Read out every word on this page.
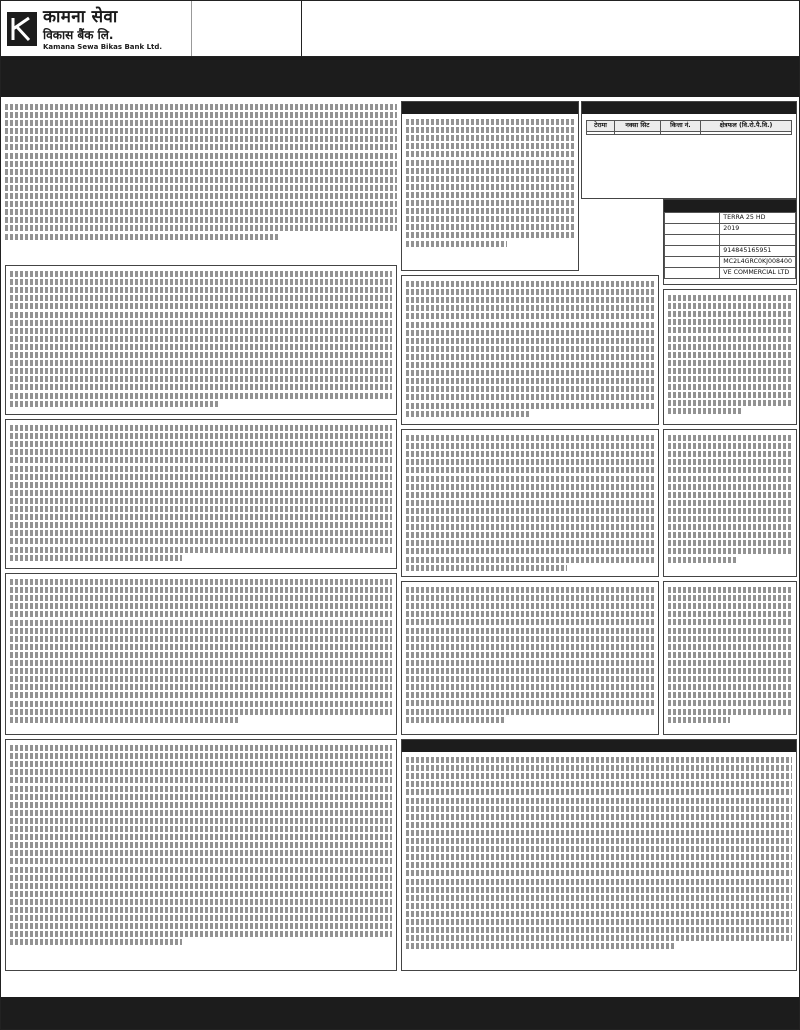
कामना सेवा
विकास बैंक लि.
Kamana Sewa Bikas Bank Ltd.
टेरामा	नक्सा सिट	कित्ता नं.	क्षेत्रफल (वि.रो.पै.वि.)

	TERRA 25 HD
	2019

	914845165951
	MC2L4GRC0KJ008400
	VE COMMERCIAL LTD
